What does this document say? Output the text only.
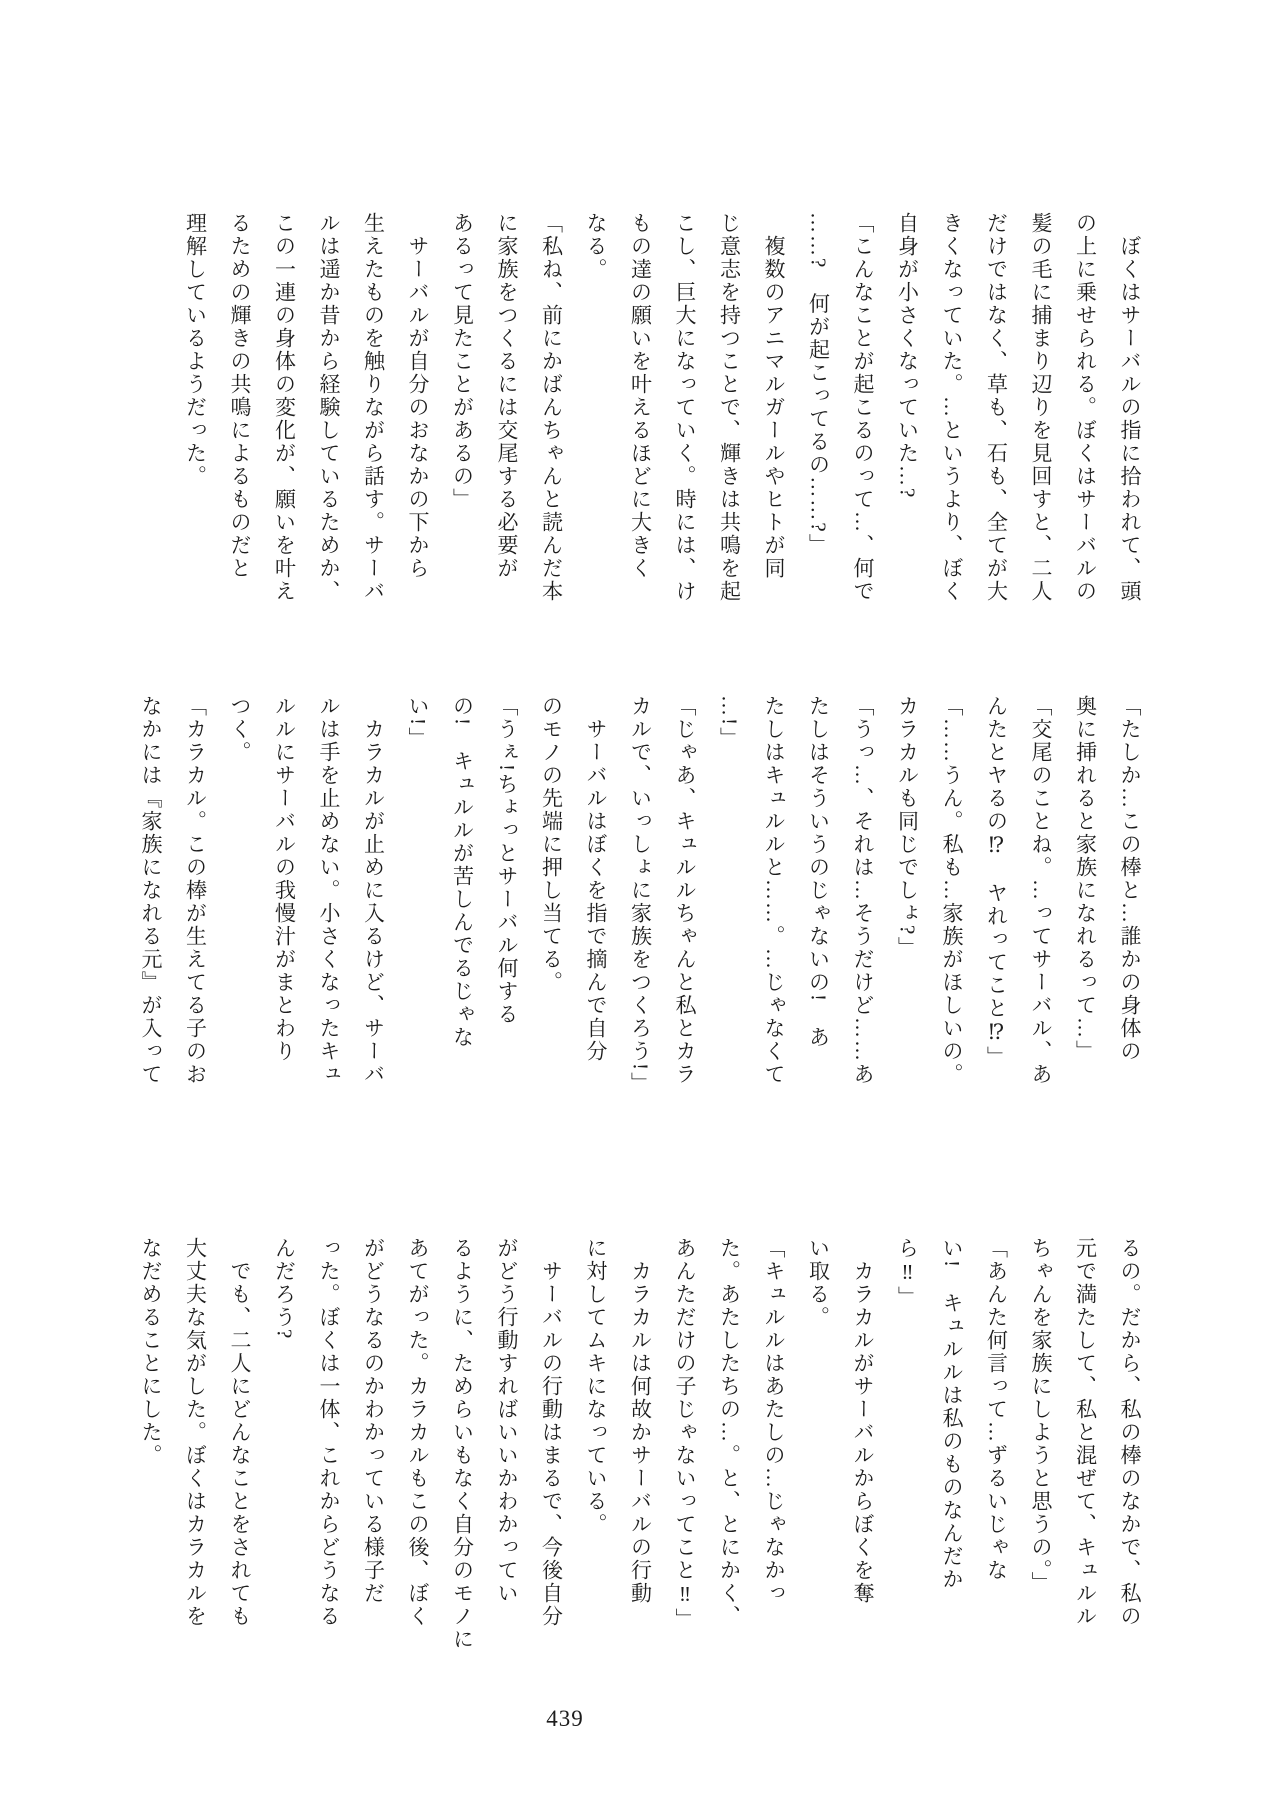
　ぼくはサーバルの指に拾われて、頭

の上に乗せられる。ぼくはサーバルの

髪の毛に捕まり辺りを見回すと、二人

だけではなく、草も、石も、全てが大

きくなっていた。…というより、ぼく

自身が小さくなっていた…?

「こんなことが起こるのって…、何で

……?　何が起こってるの……?」

　複数のアニマルガールやヒトが同

じ意志を持つことで、輝きは共鳴を起

こし、巨大になっていく。時には、け

もの達の願いを叶えるほどに大きく

なる。

「私ね、前にかばんちゃんと読んだ本

に家族をつくるには交尾する必要が

あるって見たことがあるの」

　サーバルが自分のおなかの下から

生えたものを触りながら話す。サーバ

ルは遥か昔から経験しているためか、

この一連の身体の変化が、願いを叶え

るための輝きの共鳴によるものだと

理解しているようだった。

「たしか…この棒と…誰かの身体の

奥に挿れると家族になれるって…」

「交尾のことね。…ってサーバル、あ

んたとヤるの⁉　ヤれってこと⁉」

「……うん。私も…家族がほしいの。

カラカルも同じでしょ?」

「うっ…、それは…そうだけど……あ

たしはそういうのじゃないの!　あ

たしはキュルルと……。…じゃなくて

…!」

「じゃあ、キュルルちゃんと私とカラ

カルで、いっしょに家族をつくろう!」

　サーバルはぼくを指で摘んで自分

のモノの先端に押し当てる。

「うぇ!ちょっとサーバル何する

の!　キュルルが苦しんでるじゃな

い!」

　カラカルが止めに入るけど、サーバ

ルは手を止めない。小さくなったキュ

ルルにサーバルの我慢汁がまとわり

つく。

「カラカル。この棒が生えてる子のお

なかには『家族になれる元』が入って

るの。だから、私の棒のなかで、私の

元で満たして、私と混ぜて、キュルル

ちゃんを家族にしようと思うの。」

「あんた何言って…ずるいじゃな

い!　キュルルは私のものなんだか

ら‼」

　カラカルがサーバルからぼくを奪

い取る。

「キュルルはあたしの…じゃなかっ

た。あたしたちの…。と、とにかく、

あんただけの子じゃないってこと‼」

　カラカルは何故かサーバルの行動

に対してムキになっている。

　サーバルの行動はまるで、今後自分

がどう行動すればいいかわかってい

るように、ためらいもなく自分のモノに

あてがった。カラカルもこの後、ぼく

がどうなるのかわかっている様子だ

った。ぼくは一体、これからどうなる

んだろう?

　でも、二人にどんなことをされても

大丈夫な気がした。ぼくはカラカルを

なだめることにした。

439
